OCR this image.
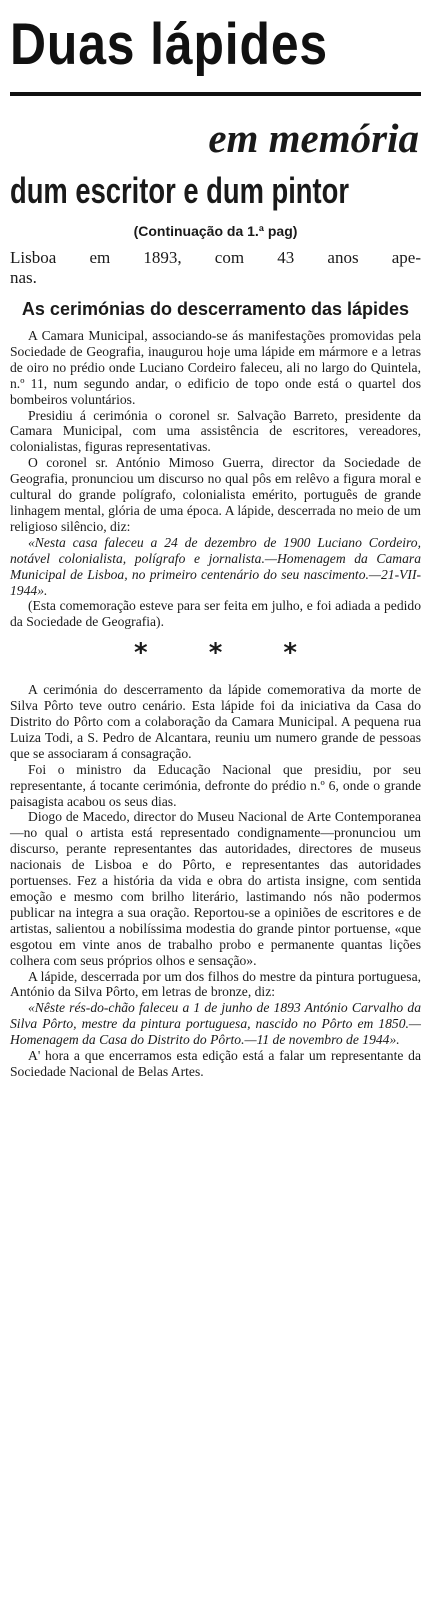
Duas lápides
em memória
dum escritor e dum pintor
(Continuação da 1.ª pag)
Lisboa em 1893, com 43 anos ape-
nas.
As cerimónias do descerramento das lápides

A Camara Municipal, associando-se ás manifestações promovidas pela Sociedade de Geografia, inaugurou hoje uma lápide em mármore e a letras de oiro no prédio onde Luciano Cordeiro faleceu, ali no largo do Quintela, n.º 11, num segundo andar, o edificio de topo onde está o quartel dos bombeiros voluntários.

Presidiu á cerimónia o coronel sr. Salvação Barreto, presidente da Camara Municipal, com uma assistência de escritores, vereadores, colonialistas, figuras representativas.

O coronel sr. António Mimoso Guerra, director da Sociedade de Geografia, pronunciou um discurso no qual pôs em relêvo a figura moral e cultural do grande polígrafo, colonialista emérito, português de grande linhagem mental, glória de uma época. A lápide, descerrada no meio de um religioso silêncio, diz:

«Nesta casa faleceu a 24 de dezembro de 1900 Luciano Cordeiro, notável colonialista, polígrafo e jornalista.—Homenagem da Camara Municipal de Lisboa, no primeiro centenário do seu nascimento.—21-VII-1944».

(Esta comemoração esteve para ser feita em julho, e foi adiada a pedido da Sociedade de Geografia).

* * *

A cerimónia do descerramento da lápide comemorativa da morte de Silva Pôrto teve outro cenário. Esta lápide foi da iniciativa da Casa do Distrito do Pôrto com a colaboração da Camara Municipal. A pequena rua Luiza Todi, a S. Pedro de Alcantara, reuniu um numero grande de pessoas que se associaram á consagração.

Foi o ministro da Educação Nacional que presidiu, por seu representante, á tocante cerimónia, defronte do prédio n.º 6, onde o grande paisagista acabou os seus dias.

Diogo de Macedo, director do Museu Nacional de Arte Contemporanea—no qual o artista está representado condignamente—pronunciou um discurso, perante representantes das autoridades, directores de museus nacionais de Lisboa e do Pôrto, e representantes das autoridades portuenses. Fez a história da vida e obra do artista insigne, com sentida emoção e mesmo com brilho literário, lastimando nós não podermos publicar na integra a sua oração. Reportou-se a opiniões de escritores e de artistas, salientou a nobilíssima modestia do grande pintor portuense, «que esgotou em vinte anos de trabalho probo e permanente quantas lições colhera com seus próprios olhos e sensação».

A lápide, descerrada por um dos filhos do mestre da pintura portuguesa, António da Silva Pôrto, em letras de bronze, diz:

«Nêste rés-do-chão faleceu a 1 de junho de 1893 António Carvalho da Silva Pôrto, mestre da pintura portuguesa, nascido no Pôrto em 1850.—Homenagem da Casa do Distrito do Pôrto.—11 de novembro de 1944».

A' hora a que encerramos esta edição está a falar um representante da Sociedade Nacional de Belas Artes.
